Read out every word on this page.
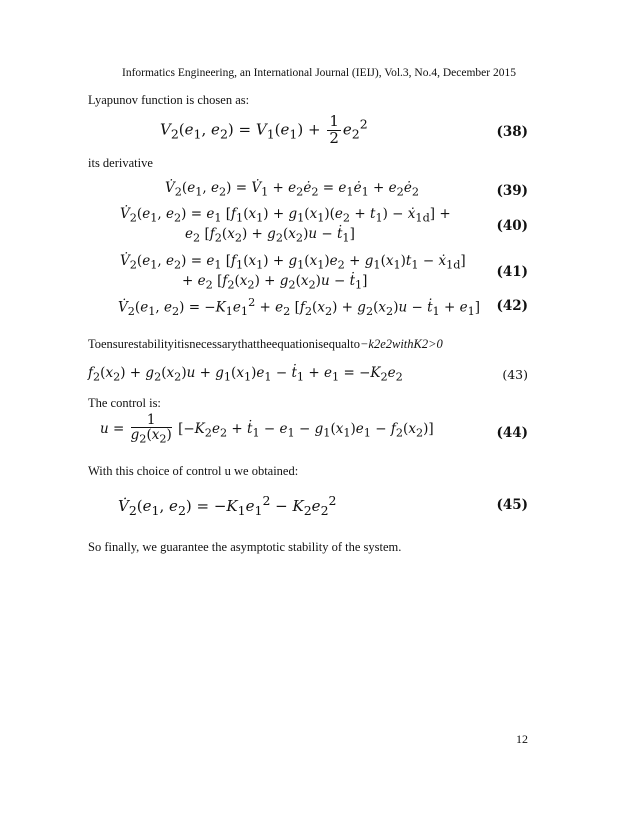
Informatics Engineering, an International Journal (IEIJ), Vol.3, No.4, December 2015
Lyapunov function is chosen as:
$V_2(e_1$, $e_2) = V_1(e_1) + \frac{1}{2} e_2^2$
(38)
its derivative
$V̇_2(e_1$, $e_2$) = $V̇_1$ + $e_2ė_2$ = $e_1ė_1$ + $e_2ė_2$	(39)
$V̇_2(e_1$, $e_2) = e_1$ [$f_1(x_1) + g_1(x_1)(e_2 + t_1)$ − ẋ$_{1d}$] +
$e_2$ [$f_2(x_2) + g_2(x_2)u$ − ṫ$_1$]	(40)
$V̇_2(e_1$, $e_2) = e_1$ [$f_1(x_1) + g_1(x_1)e_2 + g_1(x_1)t_1$ − ẋ$_{1d}$]
+ $e_2$ [$f_2(x_2) + g_2(x_2)u$ − ṫ$_1$]
(41)
$V̇_2(e_1$, $e_2) = -K_1e_1^2 + e_2$ [$f_2(x_2) + g_2(x_2)u$ − ṫ$_1$ + $e_1$] (42)
Toensurestabilityitisnecessarythattheequationisequalto−k2e2withK2>0
$f_2(x_2) + g_2(x_2)u + g_1(x_1)e_1$ − ṫ$_1$ + $e_1 = -K_2e_2$	(43)
The control is:
$u = \frac{1}{g_2(x_2)} [-K_2e_2$ + ṫ$_1$ − $e_1 - g_1(x_1)e_1 - f_2(x_2)$]	(44)
With this choice of control u we obtained:
$V̇_2(e_1$, $e_2) = -K_1e_1^2 - K_2e_2^2$	(45)
So finally, we guarantee the asymptotic stability of the system.
12
